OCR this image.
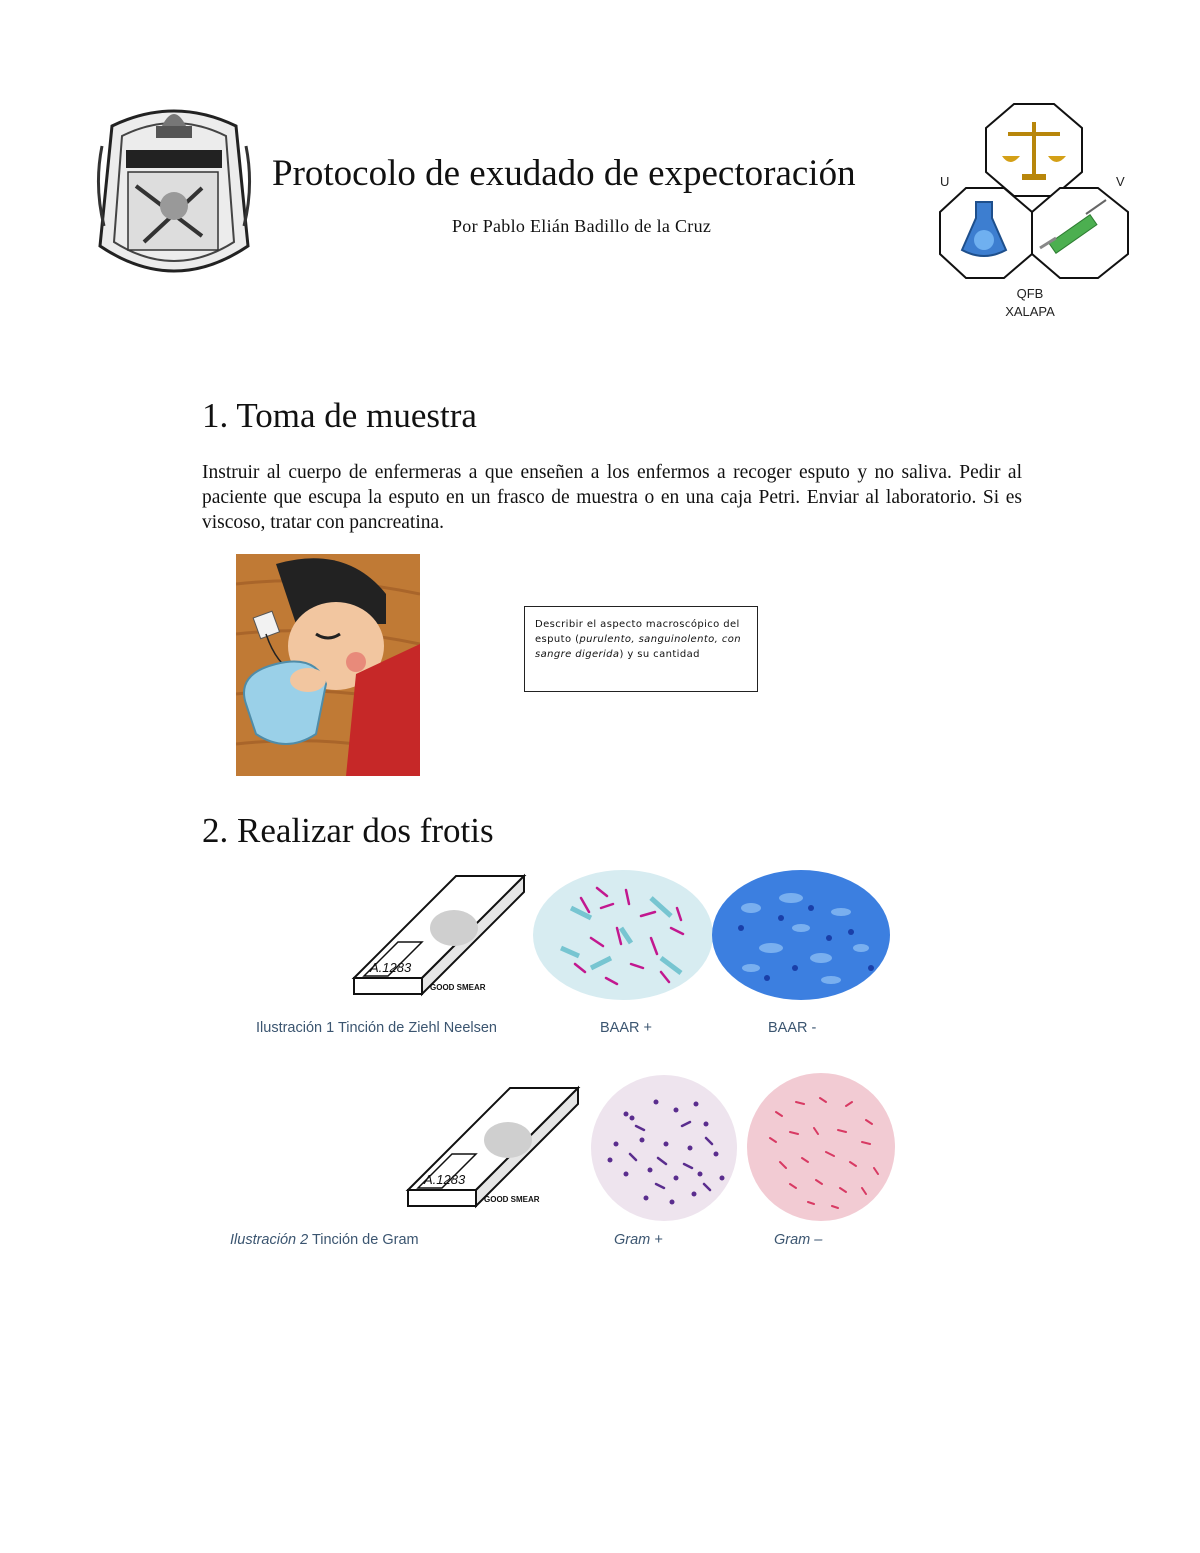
Protocolo de exudado de expectoración
Por Pablo Elián Badillo de la Cruz
U	V
QFB
XALAPA
1. Toma de muestra
Instruir al cuerpo de enfermeras a que enseñen a los enfermos a recoger esputo y no saliva. Pedir al paciente que escupa la esputo en un frasco de muestra o en una caja Petri. Enviar al laboratorio. Si es viscoso, tratar con pancreatina.
Describir el aspecto macroscópico del esputo (purulento, sanguinolento, con sangre digerida) y su cantidad
2. Realizar dos frotis
A.1283
GOOD SMEAR
Ilustración 1 Tinción de Ziehl Neelsen	BAAR +	BAAR -
A.1283
GOOD SMEAR
Ilustración 2 Tinción de Gram	Gram +	Gram –
